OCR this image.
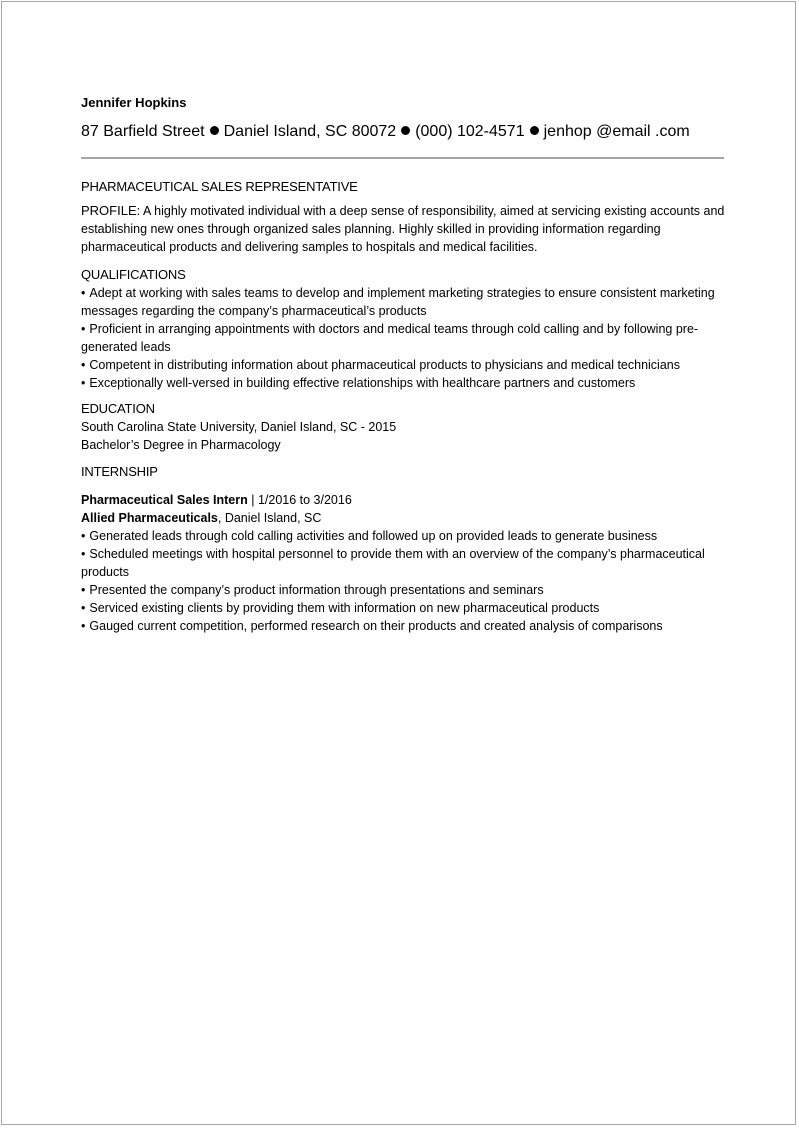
Jennifer Hopkins
87 Barfield Street Daniel Island, SC 80072 (000) 102-4571 jenhop @email .com
PHARMACEUTICAL SALES REPRESENTATIVE
PROFILE: A highly motivated individual with a deep sense of responsibility, aimed at servicing existing accounts and establishing new ones through organized sales planning. Highly skilled in providing information regarding pharmaceutical products and delivering samples to hospitals and medical facilities.
QUALIFICATIONS
• Adept at working with sales teams to develop and implement marketing strategies to ensure consistent marketing messages regarding the company’s pharmaceutical’s products
• Proficient in arranging appointments with doctors and medical teams through cold calling and by following pre-generated leads
• Competent in distributing information about pharmaceutical products to physicians and medical technicians
• Exceptionally well-versed in building effective relationships with healthcare partners and customers
EDUCATION
South Carolina State University, Daniel Island, SC - 2015
Bachelor’s Degree in Pharmacology
INTERNSHIP
Pharmaceutical Sales Intern | 1/2016 to 3/2016
Allied Pharmaceuticals, Daniel Island, SC
• Generated leads through cold calling activities and followed up on provided leads to generate business
• Scheduled meetings with hospital personnel to provide them with an overview of the company’s pharmaceutical products
• Presented the company’s product information through presentations and seminars
• Serviced existing clients by providing them with information on new pharmaceutical products
• Gauged current competition, performed research on their products and created analysis of comparisons
